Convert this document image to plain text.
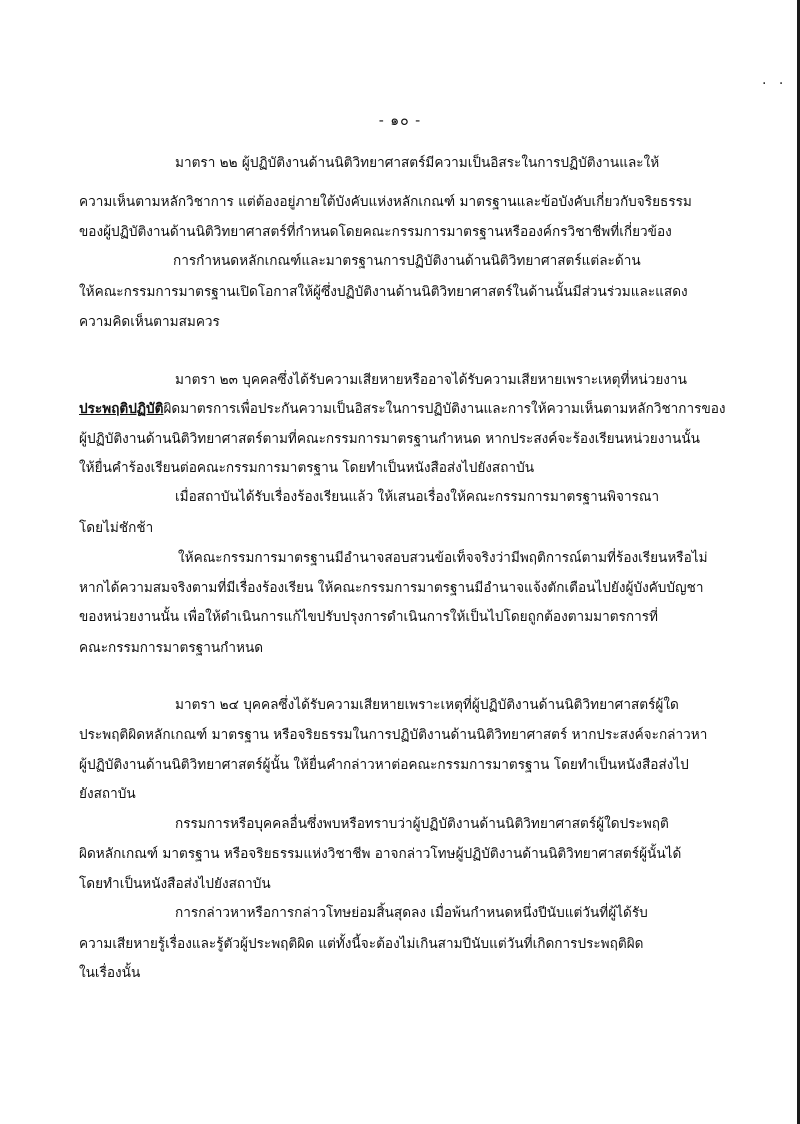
. .
- ๑๐ -
มาตรา ๒๒ ผู้ปฏิบัติงานด้านนิติวิทยาศาสตร์มีความเป็นอิสระในการปฏิบัติงานและให้
ความเห็นตามหลักวิชาการ แต่ต้องอยู่ภายใต้บังคับแห่งหลักเกณฑ์ มาตรฐานและข้อบังคับเกี่ยวกับจริยธรรม
ของผู้ปฏิบัติงานด้านนิติวิทยาศาสตร์ที่กำหนดโดยคณะกรรมการมาตรฐานหรือองค์กรวิชาชีพที่เกี่ยวข้อง
การกำหนดหลักเกณฑ์และมาตรฐานการปฏิบัติงานด้านนิติวิทยาศาสตร์แต่ละด้าน
ให้คณะกรรมการมาตรฐานเปิดโอกาสให้ผู้ซึ่งปฏิบัติงานด้านนิติวิทยาศาสตร์ในด้านนั้นมีส่วนร่วมและแสดง
ความคิดเห็นตามสมควร
มาตรา ๒๓ บุคคลซึ่งได้รับความเสียหายหรืออาจได้รับความเสียหายเพราะเหตุที่หน่วยงาน
ประพฤติปฏิบัติผิดมาตรการเพื่อประกันความเป็นอิสระในการปฏิบัติงานและการให้ความเห็นตามหลักวิชาการของ
ผู้ปฏิบัติงานด้านนิติวิทยาศาสตร์ตามที่คณะกรรมการมาตรฐานกำหนด หากประสงค์จะร้องเรียนหน่วยงานนั้น
ให้ยื่นคำร้องเรียนต่อคณะกรรมการมาตรฐาน โดยทำเป็นหนังสือส่งไปยังสถาบัน
เมื่อสถาบันได้รับเรื่องร้องเรียนแล้ว ให้เสนอเรื่องให้คณะกรรมการมาตรฐานพิจารณา
โดยไม่ชักช้า
ให้คณะกรรมการมาตรฐานมีอำนาจสอบสวนข้อเท็จจริงว่ามีพฤติการณ์ตามที่ร้องเรียนหรือไม่
หากได้ความสมจริงตามที่มีเรื่องร้องเรียน ให้คณะกรรมการมาตรฐานมีอำนาจแจ้งตักเตือนไปยังผู้บังคับบัญชา
ของหน่วยงานนั้น เพื่อให้ดำเนินการแก้ไขปรับปรุงการดำเนินการให้เป็นไปโดยถูกต้องตามมาตรการที่
คณะกรรมการมาตรฐานกำหนด
มาตรา ๒๔ บุคคลซึ่งได้รับความเสียหายเพราะเหตุที่ผู้ปฏิบัติงานด้านนิติวิทยาศาสตร์ผู้ใด
ประพฤติผิดหลักเกณฑ์ มาตรฐาน หรือจริยธรรมในการปฏิบัติงานด้านนิติวิทยาศาสตร์ หากประสงค์จะกล่าวหา
ผู้ปฏิบัติงานด้านนิติวิทยาศาสตร์ผู้นั้น ให้ยื่นคำกล่าวหาต่อคณะกรรมการมาตรฐาน โดยทำเป็นหนังสือส่งไป
ยังสถาบัน
กรรมการหรือบุคคลอื่นซึ่งพบหรือทราบว่าผู้ปฏิบัติงานด้านนิติวิทยาศาสตร์ผู้ใดประพฤติ
ผิดหลักเกณฑ์ มาตรฐาน หรือจริยธรรมแห่งวิชาชีพ อาจกล่าวโทษผู้ปฏิบัติงานด้านนิติวิทยาศาสตร์ผู้นั้นได้
โดยทำเป็นหนังสือส่งไปยังสถาบัน
การกล่าวหาหรือการกล่าวโทษย่อมสิ้นสุดลง เมื่อพ้นกำหนดหนึ่งปีนับแต่วันที่ผู้ได้รับ
ความเสียหายรู้เรื่องและรู้ตัวผู้ประพฤติผิด แต่ทั้งนี้จะต้องไม่เกินสามปีนับแต่วันที่เกิดการประพฤติผิด
ในเรื่องนั้น
